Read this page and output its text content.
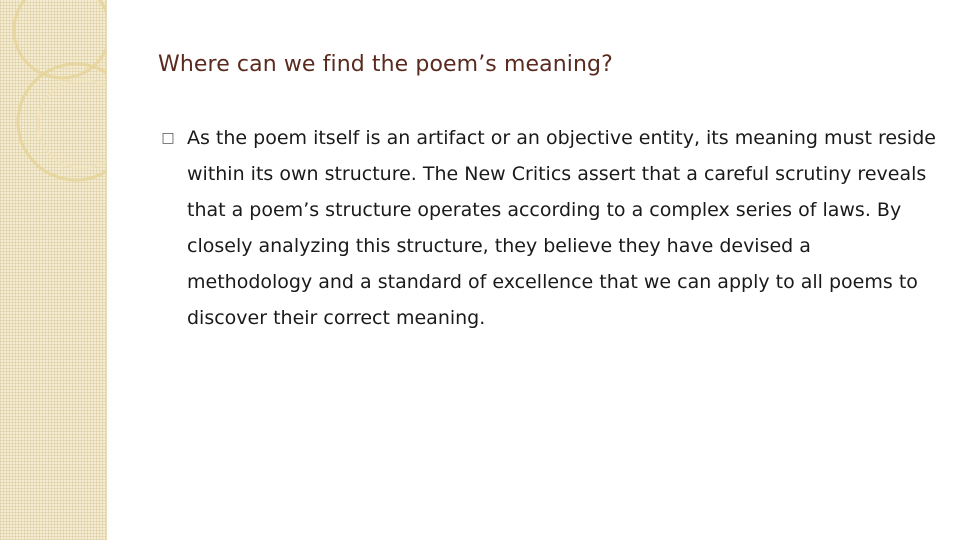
Where can we find the poem’s meaning?
□ As the poem itself is an artifact or an objective entity, its meaning must reside within its own structure. The New Critics assert that a careful scrutiny reveals that a poem’s structure operates according to a complex series of laws. By closely analyzing this structure, they believe they have devised a methodology and a standard of excellence that we can apply to all poems to discover their correct meaning.
